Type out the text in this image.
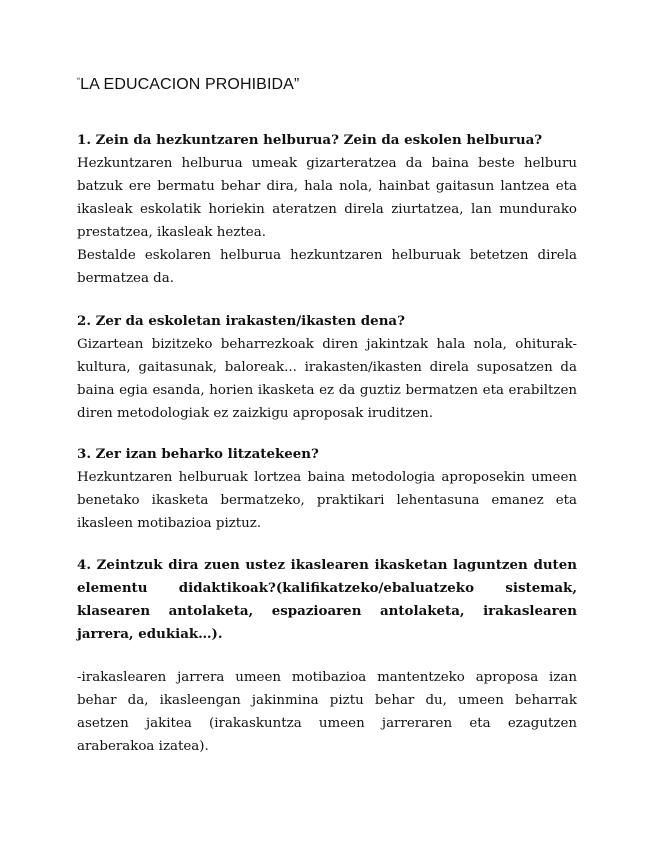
“LA EDUCACION PROHIBIDA”

1. Zein da hezkuntzaren helburua? Zein da eskolen helburua?

Hezkuntzaren helburua umeak gizarteratzea da baina beste helburu batzuk ere bermatu behar dira, hala nola, hainbat gaitasun lantzea eta ikasleak eskolatik horiekin ateratzen direla ziurtatzea, lan mundurako prestatzea, ikasleak heztea.

Bestalde eskolaren helburua hezkuntzaren helburuak betetzen direla bermatzea da.

2. Zer da eskoletan irakasten/ikasten dena?

Gizartean bizitzeko beharrezkoak diren jakintzak hala nola, ohiturak-kultura, gaitasunak, baloreak... irakasten/ikasten direla suposatzen da baina egia esanda, horien ikasketa ez da guztiz bermatzen eta erabiltzen diren metodologiak ez zaizkigu aproposak iruditzen.

3. Zer izan beharko litzatekeen?

Hezkuntzaren helburuak lortzea baina metodologia aproposekin umeen benetako ikasketa bermatzeko, praktikari lehentasuna emanez eta ikasleen motibazioa piztuz.

4. Zeintzuk dira zuen ustez ikaslearen ikasketan laguntzen duten elementu didaktikoak?(kalifikatzeko/ebaluatzeko sistemak, klasearen antolaketa, espazioaren antolaketa, irakaslearen jarrera, edukiak…).

-irakaslearen jarrera umeen motibazioa mantentzeko aproposa izan behar da, ikasleengan jakinmina piztu behar du, umeen beharrak asetzen jakitea (irakaskuntza umeen jarreraren eta ezagutzen araberakoa izatea).
